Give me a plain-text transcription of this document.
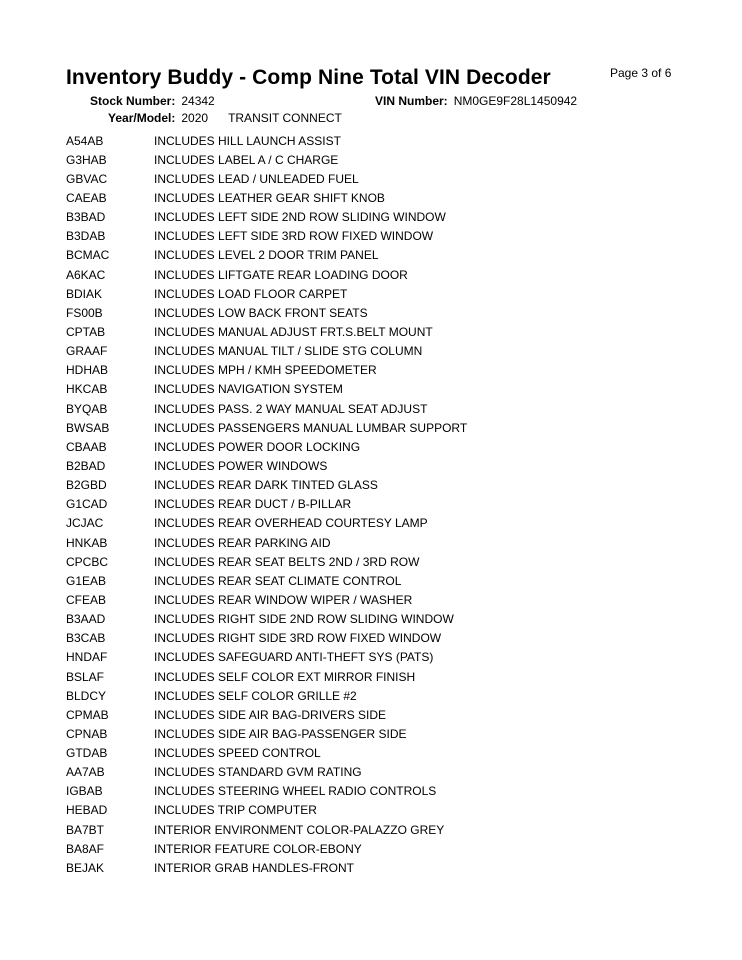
Inventory Buddy - Comp Nine Total VIN Decoder	Page 3 of 6
Stock Number: 24342	VIN Number: NM0GE9F28L1450942
Year/Model: 2020 TRANSIT CONNECT
A54AB	INCLUDES HILL LAUNCH ASSIST
G3HAB	INCLUDES LABEL A / C CHARGE
GBVAC	INCLUDES LEAD / UNLEADED FUEL
CAEAB	INCLUDES LEATHER GEAR SHIFT KNOB
B3BAD	INCLUDES LEFT SIDE 2ND ROW SLIDING WINDOW
B3DAB	INCLUDES LEFT SIDE 3RD ROW FIXED WINDOW
BCMAC	INCLUDES LEVEL 2 DOOR TRIM PANEL
A6KAC	INCLUDES LIFTGATE REAR LOADING DOOR
BDIAK	INCLUDES LOAD FLOOR CARPET
FS00B	INCLUDES LOW BACK FRONT SEATS
CPTAB	INCLUDES MANUAL ADJUST FRT.S.BELT MOUNT
GRAAF	INCLUDES MANUAL TILT / SLIDE STG COLUMN
HDHAB	INCLUDES MPH / KMH SPEEDOMETER
HKCAB	INCLUDES NAVIGATION SYSTEM
BYQAB	INCLUDES PASS. 2 WAY MANUAL SEAT ADJUST
BWSAB	INCLUDES PASSENGERS MANUAL LUMBAR SUPPORT
CBAAB	INCLUDES POWER DOOR LOCKING
B2BAD	INCLUDES POWER WINDOWS
B2GBD	INCLUDES REAR DARK TINTED GLASS
G1CAD	INCLUDES REAR DUCT / B-PILLAR
JCJAC	INCLUDES REAR OVERHEAD COURTESY LAMP
HNKAB	INCLUDES REAR PARKING AID
CPCBC	INCLUDES REAR SEAT BELTS 2ND / 3RD ROW
G1EAB	INCLUDES REAR SEAT CLIMATE CONTROL
CFEAB	INCLUDES REAR WINDOW WIPER / WASHER
B3AAD	INCLUDES RIGHT SIDE 2ND ROW SLIDING WINDOW
B3CAB	INCLUDES RIGHT SIDE 3RD ROW FIXED WINDOW
HNDAF	INCLUDES SAFEGUARD ANTI-THEFT SYS (PATS)
BSLAF	INCLUDES SELF COLOR EXT MIRROR FINISH
BLDCY	INCLUDES SELF COLOR GRILLE #2
CPMAB	INCLUDES SIDE AIR BAG-DRIVERS SIDE
CPNAB	INCLUDES SIDE AIR BAG-PASSENGER SIDE
GTDAB	INCLUDES SPEED CONTROL
AA7AB	INCLUDES STANDARD GVM RATING
IGBAB	INCLUDES STEERING WHEEL RADIO CONTROLS
HEBAD	INCLUDES TRIP COMPUTER
BA7BT	INTERIOR ENVIRONMENT COLOR-PALAZZO GREY
BA8AF	INTERIOR FEATURE COLOR-EBONY
BEJAK	INTERIOR GRAB HANDLES-FRONT
